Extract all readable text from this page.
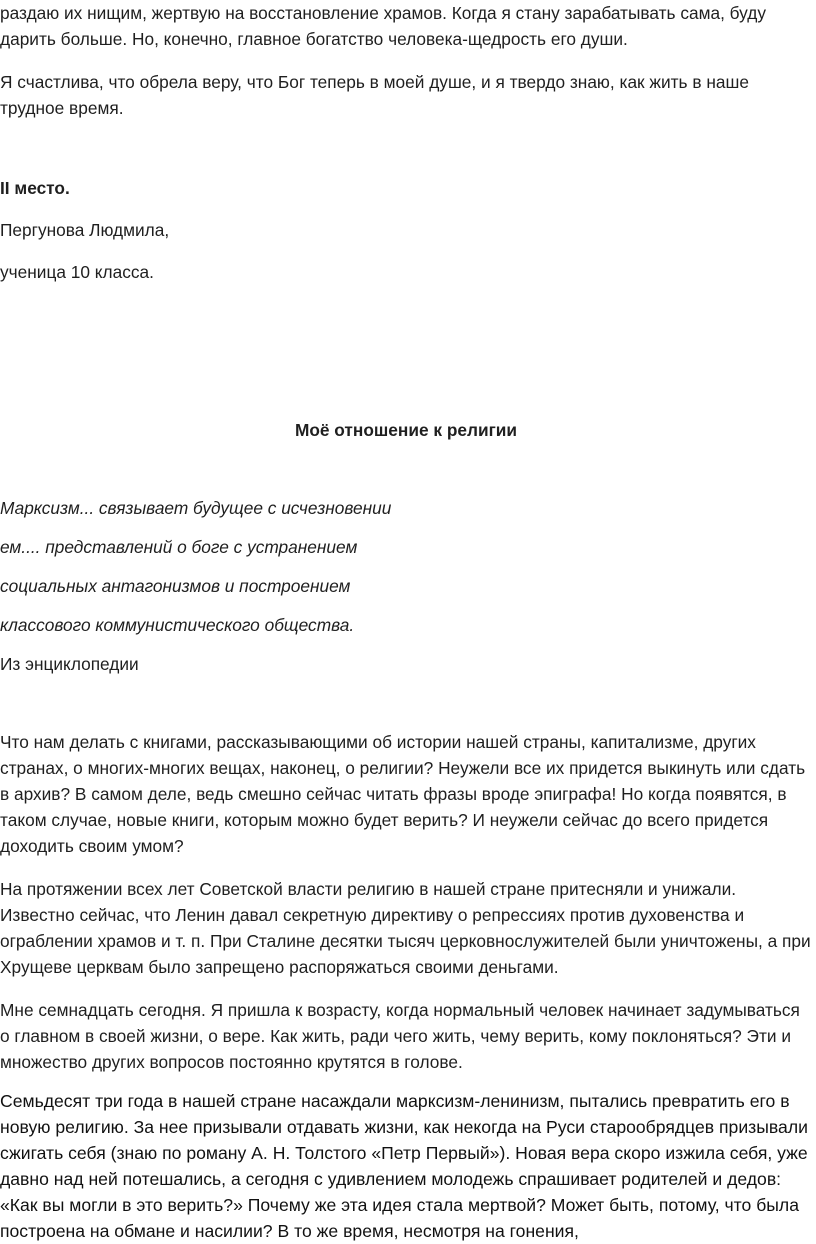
раздаю их нищим, жертвую на восстановление храмов. Когда я стану зарабатывать сама, буду дарить больше. Но, конечно, главное богатство человека-щедрость его души.

Я счастлива, что обрела веру, что Бог теперь в моей душе, и я твердо знаю, как жить в наше трудное время.

II место.

Пергунова Людмила,

ученица 10 класса.

Моё отношение к религии

Марксизм... связывает будущее с исчезновении

ем.... представлений о боге с устранением

социальных антагонизмов и построением

классового коммунистического общества.

Из энциклопедии

Что нам делать с книгами, рассказывающими об истории нашей страны, капитализме, других странах, о многих-многих вещах, наконец, о религии? Неужели все их придется выкинуть или сдать в архив? В самом деле, ведь смешно сейчас читать фразы вроде эпиграфа! Но когда появятся, в таком случае, новые книги, которым можно будет верить? И неужели сейчас до всего придется доходить своим умом?

На протяжении всех лет Советской власти религию в нашей стране притесняли и унижали. Известно сейчас, что Ленин давал секретную директиву о репрессиях против духовенства и ограблении храмов и т. п. При Сталине десятки тысяч церковнослужителей были уничтожены, а при Хрущеве церквам было запрещено распоряжаться своими деньгами.

Мне семнадцать сегодня. Я пришла к возрасту, когда нормальный человек начинает задумываться о главном в своей жизни, о вере. Как жить, ради чего жить, чему верить, кому поклоняться? Эти и множество других вопросов постоянно крутятся в голове.

Семьдесят три года в нашей стране насаждали марксизм-ленинизм, пытались превратить его в новую религию. За нее призывали отдавать жизни, как некогда на Руси старообрядцев призывали сжигать себя (знаю по роману А. Н. Толстого «Петр Первый»). Новая вера скоро изжила себя, уже давно над ней потешались, а сегодня с удивлением молодежь спрашивает родителей и дедов: «Как вы могли в это верить?» Почему же эта идея стала мертвой? Может быть, потому, что была построена на обмане и насилии? В то же время, несмотря на гонения,
